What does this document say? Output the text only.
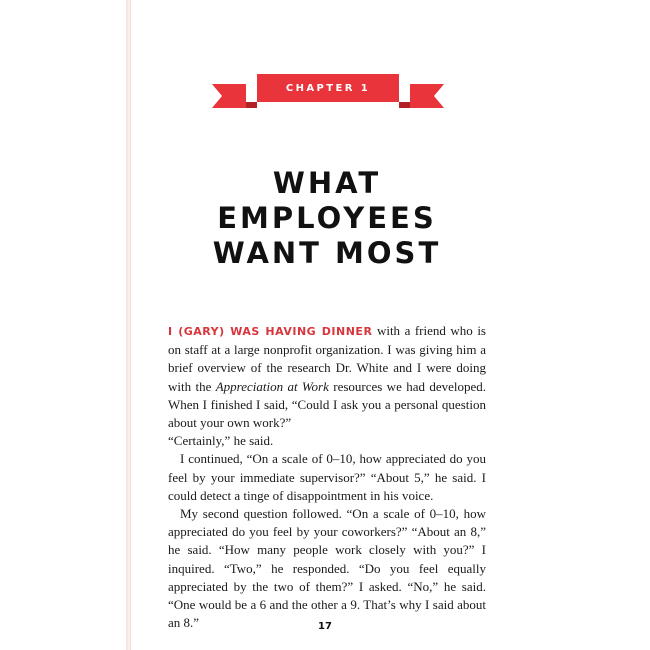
CHAPTER 1
WHAT
EMPLOYEES
WANT MOST

I (GARY) WAS HAVING DINNER with a friend who is on staff at a large nonprofit organization. I was giving him a brief overview of the research Dr. White and I were doing with the Appreciation at Work resources we had developed. When I finished I said, “Could I ask you a personal question about your own work?”

“Certainly,” he said.

I continued, “On a scale of 0–10, how appreciated do you feel by your immediate supervisor?” “About 5,” he said. I could detect a tinge of disappointment in his voice.

My second question followed. “On a scale of 0–10, how appreciated do you feel by your coworkers?” “About an 8,” he said. “How many people work closely with you?” I inquired. “Two,” he responded. “Do you feel equally appreciated by the two of them?” I asked. “No,” he said. “One would be a 6 and the other a 9. That’s why I said about an 8.”	17
